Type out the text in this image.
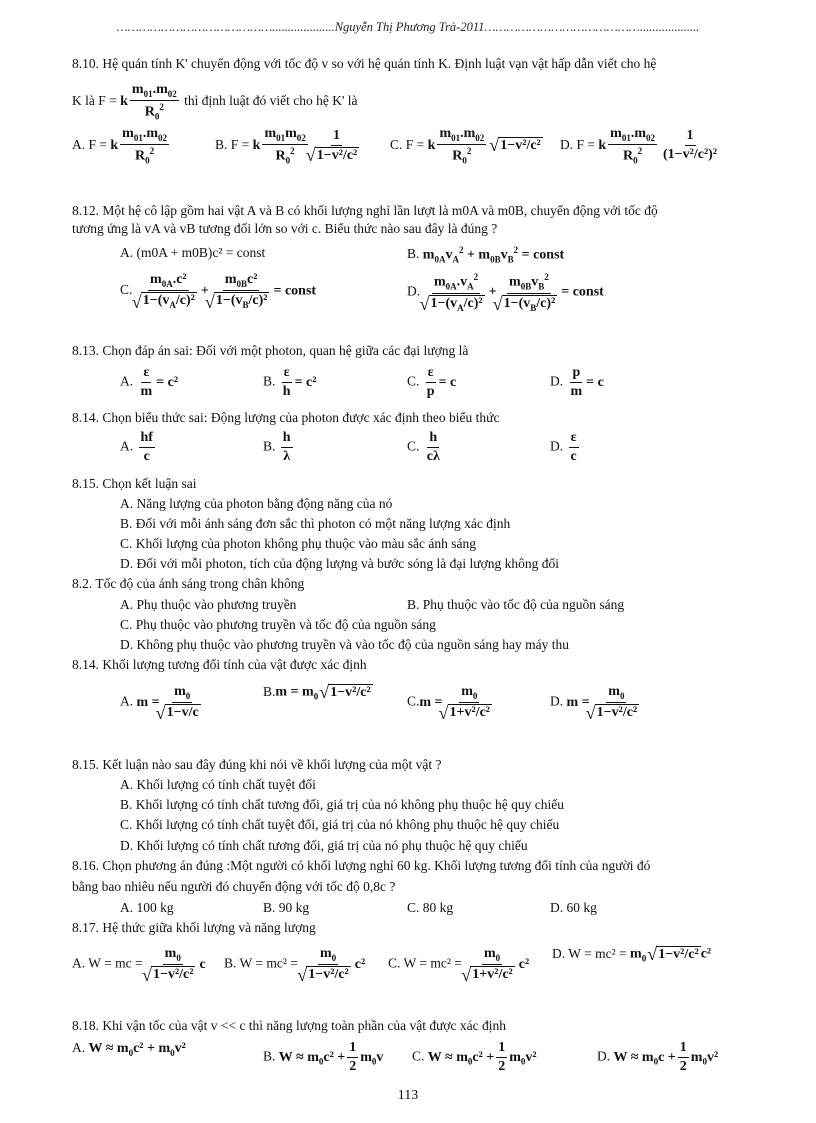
……………………………………....................Nguyễn Thị Phương Trà-2011……………………………………...................
8.10. Hệ quán tính K' chuyển động với tốc độ v so với hệ quán tính K. Định luật vạn vật hấp dẫn viết cho hệ
K là F = k $\frac{m_{01}.m_{02}}{R_0^2}$ thì định luật đó viết cho hệ K' là
A. F = k $\frac{m_{01}.m_{02}}{R_0^2}$	B. F = k $\frac{m_{01}m_{02}}{R_0^2} 1$
√ 1−v²/c² C. F = k $\frac{m_{01}.m_{02}}{R_0^2}$
√ 1−v²/c² D. F = k $\frac{m_{01}.m_{02}}{R_0^2} \frac{1}{\text{(1−v²/c²)²}}$
8.12. Một hệ cô lập gồm hai vật A và B có khối lượng nghỉ lần lượt là m0A và m0B, chuyển động với tốc độ
tương ứng là vA và vB tương đối lớn so với c. Biểu thức nào sau đây là đúng ?
A. (m0A + m0B)c² = const	B. $m_{0A}v_A^2 + m_{0B}v_B^2$ = const
C. $m_{0A}.c^2$
√ $1-(v_A/c)^2 + m_{0B}c^2$
√ $1-(v_B/c)^2$ = const	D. $m_{0A}.v_A^2$
√ $1-(v_A/c)^2$ +
$m_{0B}v_B^2$
√ $1-(v_B/c)^2$
= const
8.13. Chọn đáp án sai: Đối với một photon, quan hệ giữa các đại lượng là
A. $\frac{\varepsilon}{m} = c^2$	B. $\frac{\varepsilon}{h} = c^2$	C. $\frac{\varepsilon}{p} = c$	D. $\frac{p}{m} = c$
8.14. Chọn biểu thức sai: Động lượng của photon được xác định theo biểu thức
A. $\frac{hf}{c}$	B. $\frac{h}{\lambda}$	C. $\frac{h}{c\lambda}$	D. $\frac{\varepsilon}{c}$
8.15. Chọn kết luận sai
A. Năng lượng của photon bằng động năng của nó
B. Đối với mỗi ánh sáng đơn sắc thì photon có một năng lượng xác định
C. Khối lượng của photon không phụ thuộc vào màu sắc ánh sáng
D. Đối với mỗi photon, tích của động lượng và bước sóng là đại lượng không đổi
8.2. Tốc độ của ánh sáng trong chân không
A. Phụ thuộc vào phương truyền	B. Phụ thuộc vào tốc độ của nguồn sáng
C. Phụ thuộc vào phương truyền và tốc độ của nguồn sáng
D. Không phụ thuộc vào phương truyền và vào tốc độ của nguồn sáng hay máy thu
8.14. Khối lượng tương đối tính của vật được xác định
A. $m = m_0$
√ 1−v/c	$B.m = m_0√$ 1−v²/c²
$C.m = m_0$
√ 1+v²/c²	D. $m = m_0$
√ 1−v²/c²
8.15. Kết luận nào sau đây đúng khi nói về khối lượng của một vật ?
A. Khối lượng có tính chất tuyệt đối
B. Khối lượng có tính chất tương đối, giá trị của nó không phụ thuộc hệ quy chiếu
C. Khối lượng có tính chất tuyệt đối, giá trị của nó không phụ thuộc hệ quy chiếu
D. Khối lượng có tính chất tương đối, giá trị của nó phụ thuộc hệ quy chiếu
8.16. Chọn phương án đúng :Một người có khối lượng nghỉ 60 kg. Khối lượng tương đối tính của người đó
bằng bao nhiêu nếu người đó chuyển động với tốc độ 0,8c ?
A. 100 kg	B. 90 kg	C. 80 kg	D. 60 kg
8.17. Hệ thức giữa khối lượng và năng lượng
A. W = mc = $m_0$
√ 1−v²/c² c B. $W = mc^2 = m_0$
√ 1−v²/c² c² C. $W = mc^2 = m_0$
√ 1+v²/c² c²
D. $W = mc^2 = m_0√$ 1−v²/c² c²
8.18. Khi vận tốc của vật v << c thì năng lượng toàn phần của vật được xác định
A. $W \approx m_0c^2 + m_0v^2$
B. $W \approx m_0c^2 + \frac{1}{2} m_0v$ C. $W \approx m_0c^2 + \frac{1}{2} m_0v^2$	D. $W \approx m_0c + \frac{1}{2} m_0v^2$
113
